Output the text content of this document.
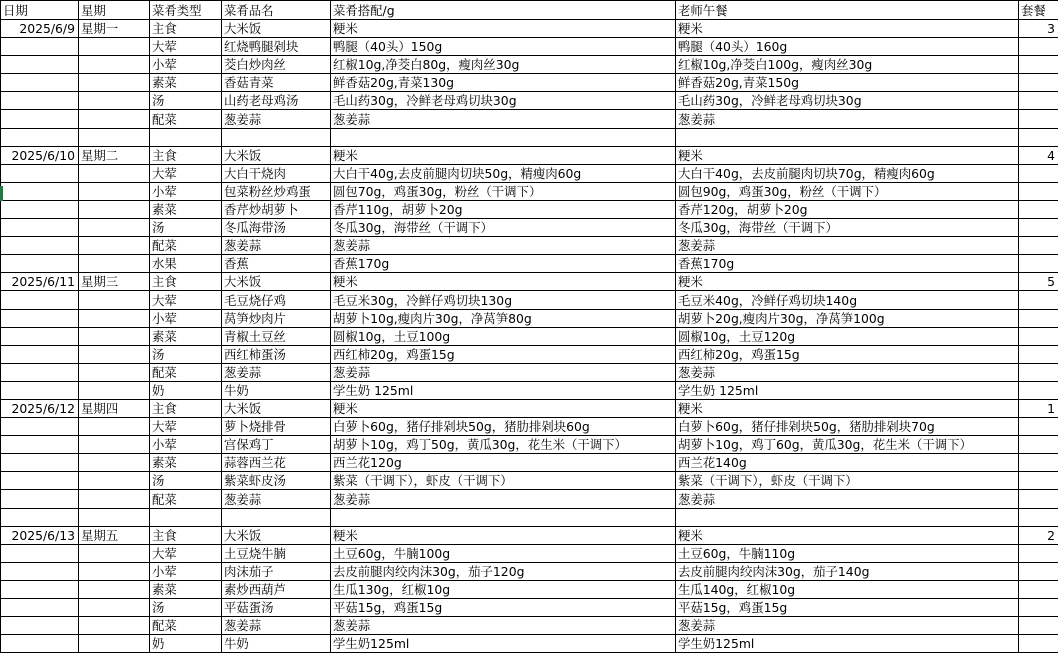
日期	星期	菜肴类型	菜肴品名	菜肴搭配/g	老师午餐	套餐
2025/6/9	星期一	主食	大米饭	粳米	粳米	3
		大荤	红烧鸭腿剁块	鸭腿（40头）150g	鸭腿（40头）160g	
		小荤	茭白炒肉丝	红椒10g,净茭白80g，瘦肉丝30g	红椒10g,净茭白100g，瘦肉丝30g	
		素菜	香菇青菜	鲜香菇20g,青菜130g	鲜香菇20g,青菜150g	
		汤	山药老母鸡汤	毛山药30g，冷鲜老母鸡切块30g	毛山药30g，冷鲜老母鸡切块30g	
		配菜	葱姜蒜	葱姜蒜	葱姜蒜	

2025/6/10	星期二	主食	大米饭	粳米	粳米	4
		大荤	大白干烧肉	大白干40g,去皮前腿肉切块50g，精瘦肉60g	大白干40g，去皮前腿肉切块70g，精瘦肉60g	
		小荤	包菜粉丝炒鸡蛋	圆包70g，鸡蛋30g，粉丝（干调下）	圆包90g，鸡蛋30g，粉丝（干调下）	
		素菜	香芹炒胡萝卜	香芹110g，胡萝卜20g	香芹120g，胡萝卜20g	
		汤	冬瓜海带汤	冬瓜30g，海带丝（干调下）	冬瓜30g，海带丝（干调下）	
		配菜	葱姜蒜	葱姜蒜	葱姜蒜	
		水果	香蕉	香蕉170g	香蕉170g	
2025/6/11	星期三	主食	大米饭	粳米	粳米	5
		大荤	毛豆烧仔鸡	毛豆米30g，冷鲜仔鸡切块130g	毛豆米40g，冷鲜仔鸡切块140g	
		小荤	莴笋炒肉片	胡萝卜10g,瘦肉片30g，净莴笋80g	胡萝卜20g,瘦肉片30g，净莴笋100g	
		素菜	青椒土豆丝	圆椒10g，土豆100g	圆椒10g，土豆120g	
		汤	西红柿蛋汤	西红柿20g，鸡蛋15g	西红柿20g，鸡蛋15g	
		配菜	葱姜蒜	葱姜蒜	葱姜蒜	
		奶	牛奶	学生奶 125ml	学生奶 125ml	
2025/6/12	星期四	主食	大米饭	粳米	粳米	1
		大荤	萝卜烧排骨	白萝卜60g，猪仔排剁块50g，猪肋排剁块60g	白萝卜60g，猪仔排剁块50g，猪肋排剁块70g	
		小荤	宫保鸡丁	胡萝卜10g，鸡丁50g，黄瓜30g，花生米（干调下）	胡萝卜10g，鸡丁60g，黄瓜30g，花生米（干调下）	
		素菜	蒜蓉西兰花	西兰花120g	西兰花140g	
		汤	紫菜虾皮汤	紫菜（干调下），虾皮（干调下）	紫菜（干调下），虾皮（干调下）	
		配菜	葱姜蒜	葱姜蒜	葱姜蒜	

2025/6/13	星期五	主食	大米饭	粳米	粳米	2
		大荤	土豆烧牛腩	土豆60g，牛腩100g	土豆60g，牛腩110g	
		小荤	肉沫茄子	去皮前腿肉绞肉沫30g，茄子120g	去皮前腿肉绞肉沫30g，茄子140g	
		素菜	素炒西葫芦	生瓜130g，红椒10g	生瓜140g，红椒10g	
		汤	平菇蛋汤	平菇15g，鸡蛋15g	平菇15g，鸡蛋15g	
		配菜	葱姜蒜	葱姜蒜	葱姜蒜	
		奶	牛奶	学生奶125ml	学生奶125ml	
